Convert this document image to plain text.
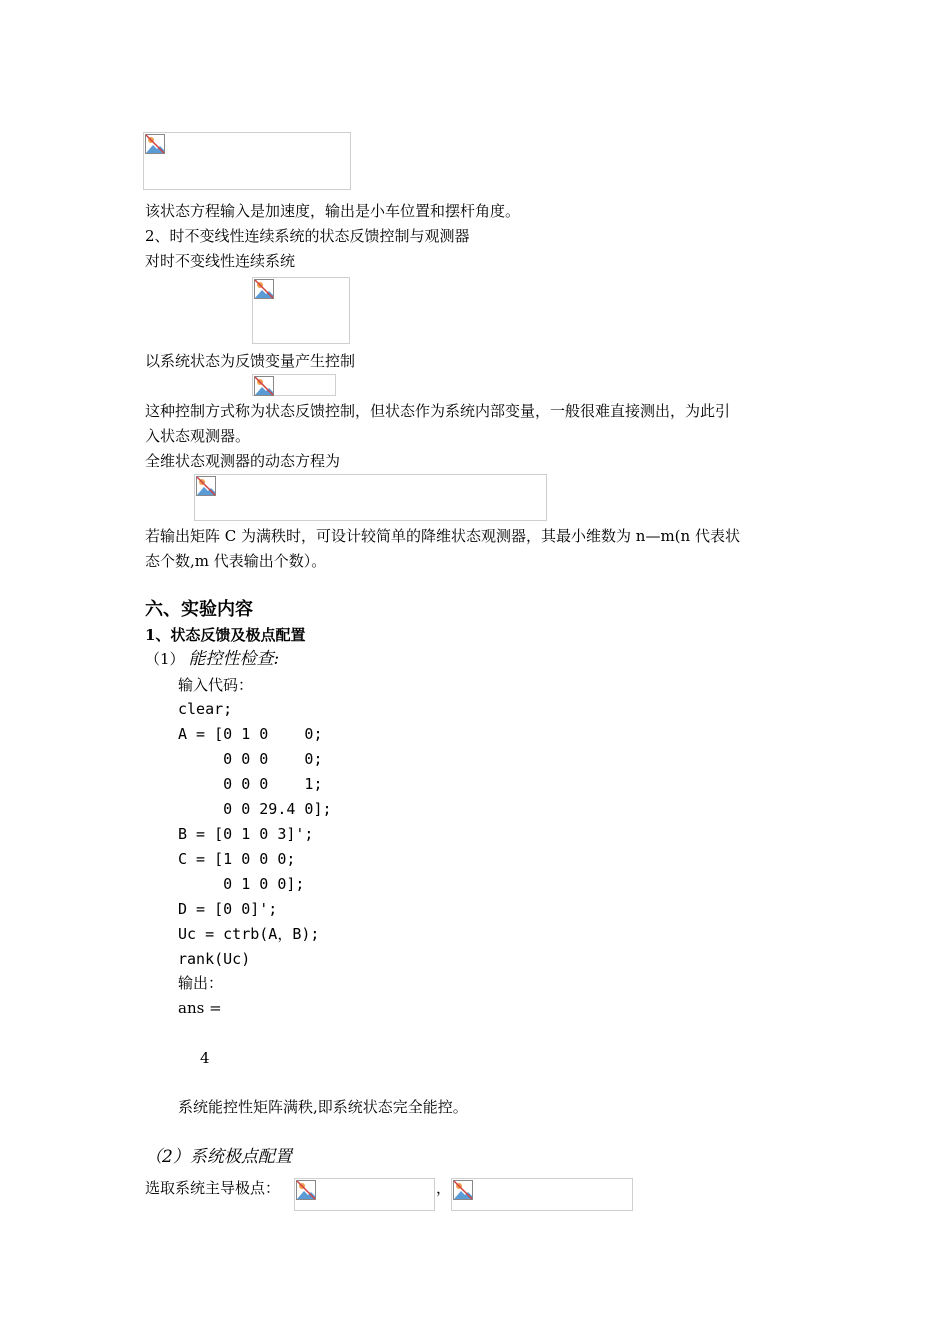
该状态方程输入是加速度，输出是小车位置和摆杆角度。
2、时不变线性连续系统的状态反馈控制与观测器
对时不变线性连续系统
以系统状态为反馈变量产生控制
这种控制方式称为状态反馈控制，但状态作为系统内部变量，一般很难直接测出，为此引
入状态观测器。
全维状态观测器的动态方程为
若输出矩阵 C 为满秩时，可设计较简单的降维状态观测器，其最小维数为 n—m(n 代表状
态个数,m 代表输出个数）。
六、实验内容
1、状态反馈及极点配置
（1） 能控性检查:
输入代码：
clear;
A = [0 1 0    0;
0 0 0    0;
0 0 0    1;
0 0 29.4 0];
B = [0 1 0 3]';
C = [1 0 0 0;
0 1 0 0];
D = [0 0]';
Uc = ctrb(A，B);
rank(Uc)
输出：
ans =
4
系统能控性矩阵满秩,即系统状态完全能控。
（2）系统极点配置
选取系统主导极点：	，
